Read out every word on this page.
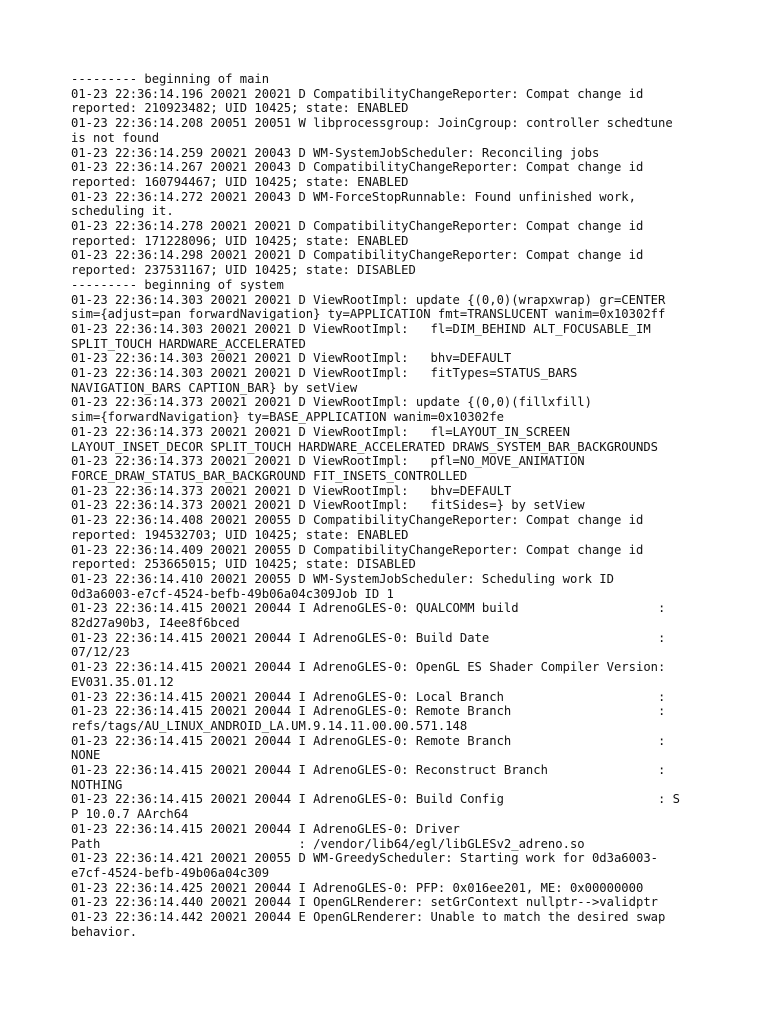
--------- beginning of main
01-23 22:36:14.196 20021 20021 D CompatibilityChangeReporter: Compat change id
reported: 210923482; UID 10425; state: ENABLED
01-23 22:36:14.208 20051 20051 W libprocessgroup: JoinCgroup: controller schedtune
is not found
01-23 22:36:14.259 20021 20043 D WM-SystemJobScheduler: Reconciling jobs
01-23 22:36:14.267 20021 20043 D CompatibilityChangeReporter: Compat change id
reported: 160794467; UID 10425; state: ENABLED
01-23 22:36:14.272 20021 20043 D WM-ForceStopRunnable: Found unfinished work,
scheduling it.
01-23 22:36:14.278 20021 20021 D CompatibilityChangeReporter: Compat change id
reported: 171228096; UID 10425; state: ENABLED
01-23 22:36:14.298 20021 20021 D CompatibilityChangeReporter: Compat change id
reported: 237531167; UID 10425; state: DISABLED
--------- beginning of system
01-23 22:36:14.303 20021 20021 D ViewRootImpl: update {(0,0)(wrapxwrap) gr=CENTER
sim={adjust=pan forwardNavigation} ty=APPLICATION fmt=TRANSLUCENT wanim=0x10302ff
01-23 22:36:14.303 20021 20021 D ViewRootImpl:   fl=DIM_BEHIND ALT_FOCUSABLE_IM
SPLIT_TOUCH HARDWARE_ACCELERATED
01-23 22:36:14.303 20021 20021 D ViewRootImpl:   bhv=DEFAULT
01-23 22:36:14.303 20021 20021 D ViewRootImpl:   fitTypes=STATUS_BARS
NAVIGATION_BARS CAPTION_BAR} by setView
01-23 22:36:14.373 20021 20021 D ViewRootImpl: update {(0,0)(fillxfill)
sim={forwardNavigation} ty=BASE_APPLICATION wanim=0x10302fe
01-23 22:36:14.373 20021 20021 D ViewRootImpl:   fl=LAYOUT_IN_SCREEN
LAYOUT_INSET_DECOR SPLIT_TOUCH HARDWARE_ACCELERATED DRAWS_SYSTEM_BAR_BACKGROUNDS
01-23 22:36:14.373 20021 20021 D ViewRootImpl:   pfl=NO_MOVE_ANIMATION
FORCE_DRAW_STATUS_BAR_BACKGROUND FIT_INSETS_CONTROLLED
01-23 22:36:14.373 20021 20021 D ViewRootImpl:   bhv=DEFAULT
01-23 22:36:14.373 20021 20021 D ViewRootImpl:   fitSides=} by setView
01-23 22:36:14.408 20021 20055 D CompatibilityChangeReporter: Compat change id
reported: 194532703; UID 10425; state: ENABLED
01-23 22:36:14.409 20021 20055 D CompatibilityChangeReporter: Compat change id
reported: 253665015; UID 10425; state: DISABLED
01-23 22:36:14.410 20021 20055 D WM-SystemJobScheduler: Scheduling work ID
0d3a6003-e7cf-4524-befb-49b06a04c309Job ID 1
01-23 22:36:14.415 20021 20044 I AdrenoGLES-0: QUALCOMM build                   :
82d27a90b3, I4ee8f6bced
01-23 22:36:14.415 20021 20044 I AdrenoGLES-0: Build Date                       :
07/12/23
01-23 22:36:14.415 20021 20044 I AdrenoGLES-0: OpenGL ES Shader Compiler Version:
EV031.35.01.12
01-23 22:36:14.415 20021 20044 I AdrenoGLES-0: Local Branch                     :
01-23 22:36:14.415 20021 20044 I AdrenoGLES-0: Remote Branch                    :
refs/tags/AU_LINUX_ANDROID_LA.UM.9.14.11.00.00.571.148
01-23 22:36:14.415 20021 20044 I AdrenoGLES-0: Remote Branch                    :
NONE
01-23 22:36:14.415 20021 20044 I AdrenoGLES-0: Reconstruct Branch               :
NOTHING
01-23 22:36:14.415 20021 20044 I AdrenoGLES-0: Build Config                     : S
P 10.0.7 AArch64
01-23 22:36:14.415 20021 20044 I AdrenoGLES-0: Driver
Path                           : /vendor/lib64/egl/libGLESv2_adreno.so
01-23 22:36:14.421 20021 20055 D WM-GreedyScheduler: Starting work for 0d3a6003-
e7cf-4524-befb-49b06a04c309
01-23 22:36:14.425 20021 20044 I AdrenoGLES-0: PFP: 0x016ee201, ME: 0x00000000
01-23 22:36:14.440 20021 20044 I OpenGLRenderer: setGrContext nullptr-->validptr
01-23 22:36:14.442 20021 20044 E OpenGLRenderer: Unable to match the desired swap
behavior.
